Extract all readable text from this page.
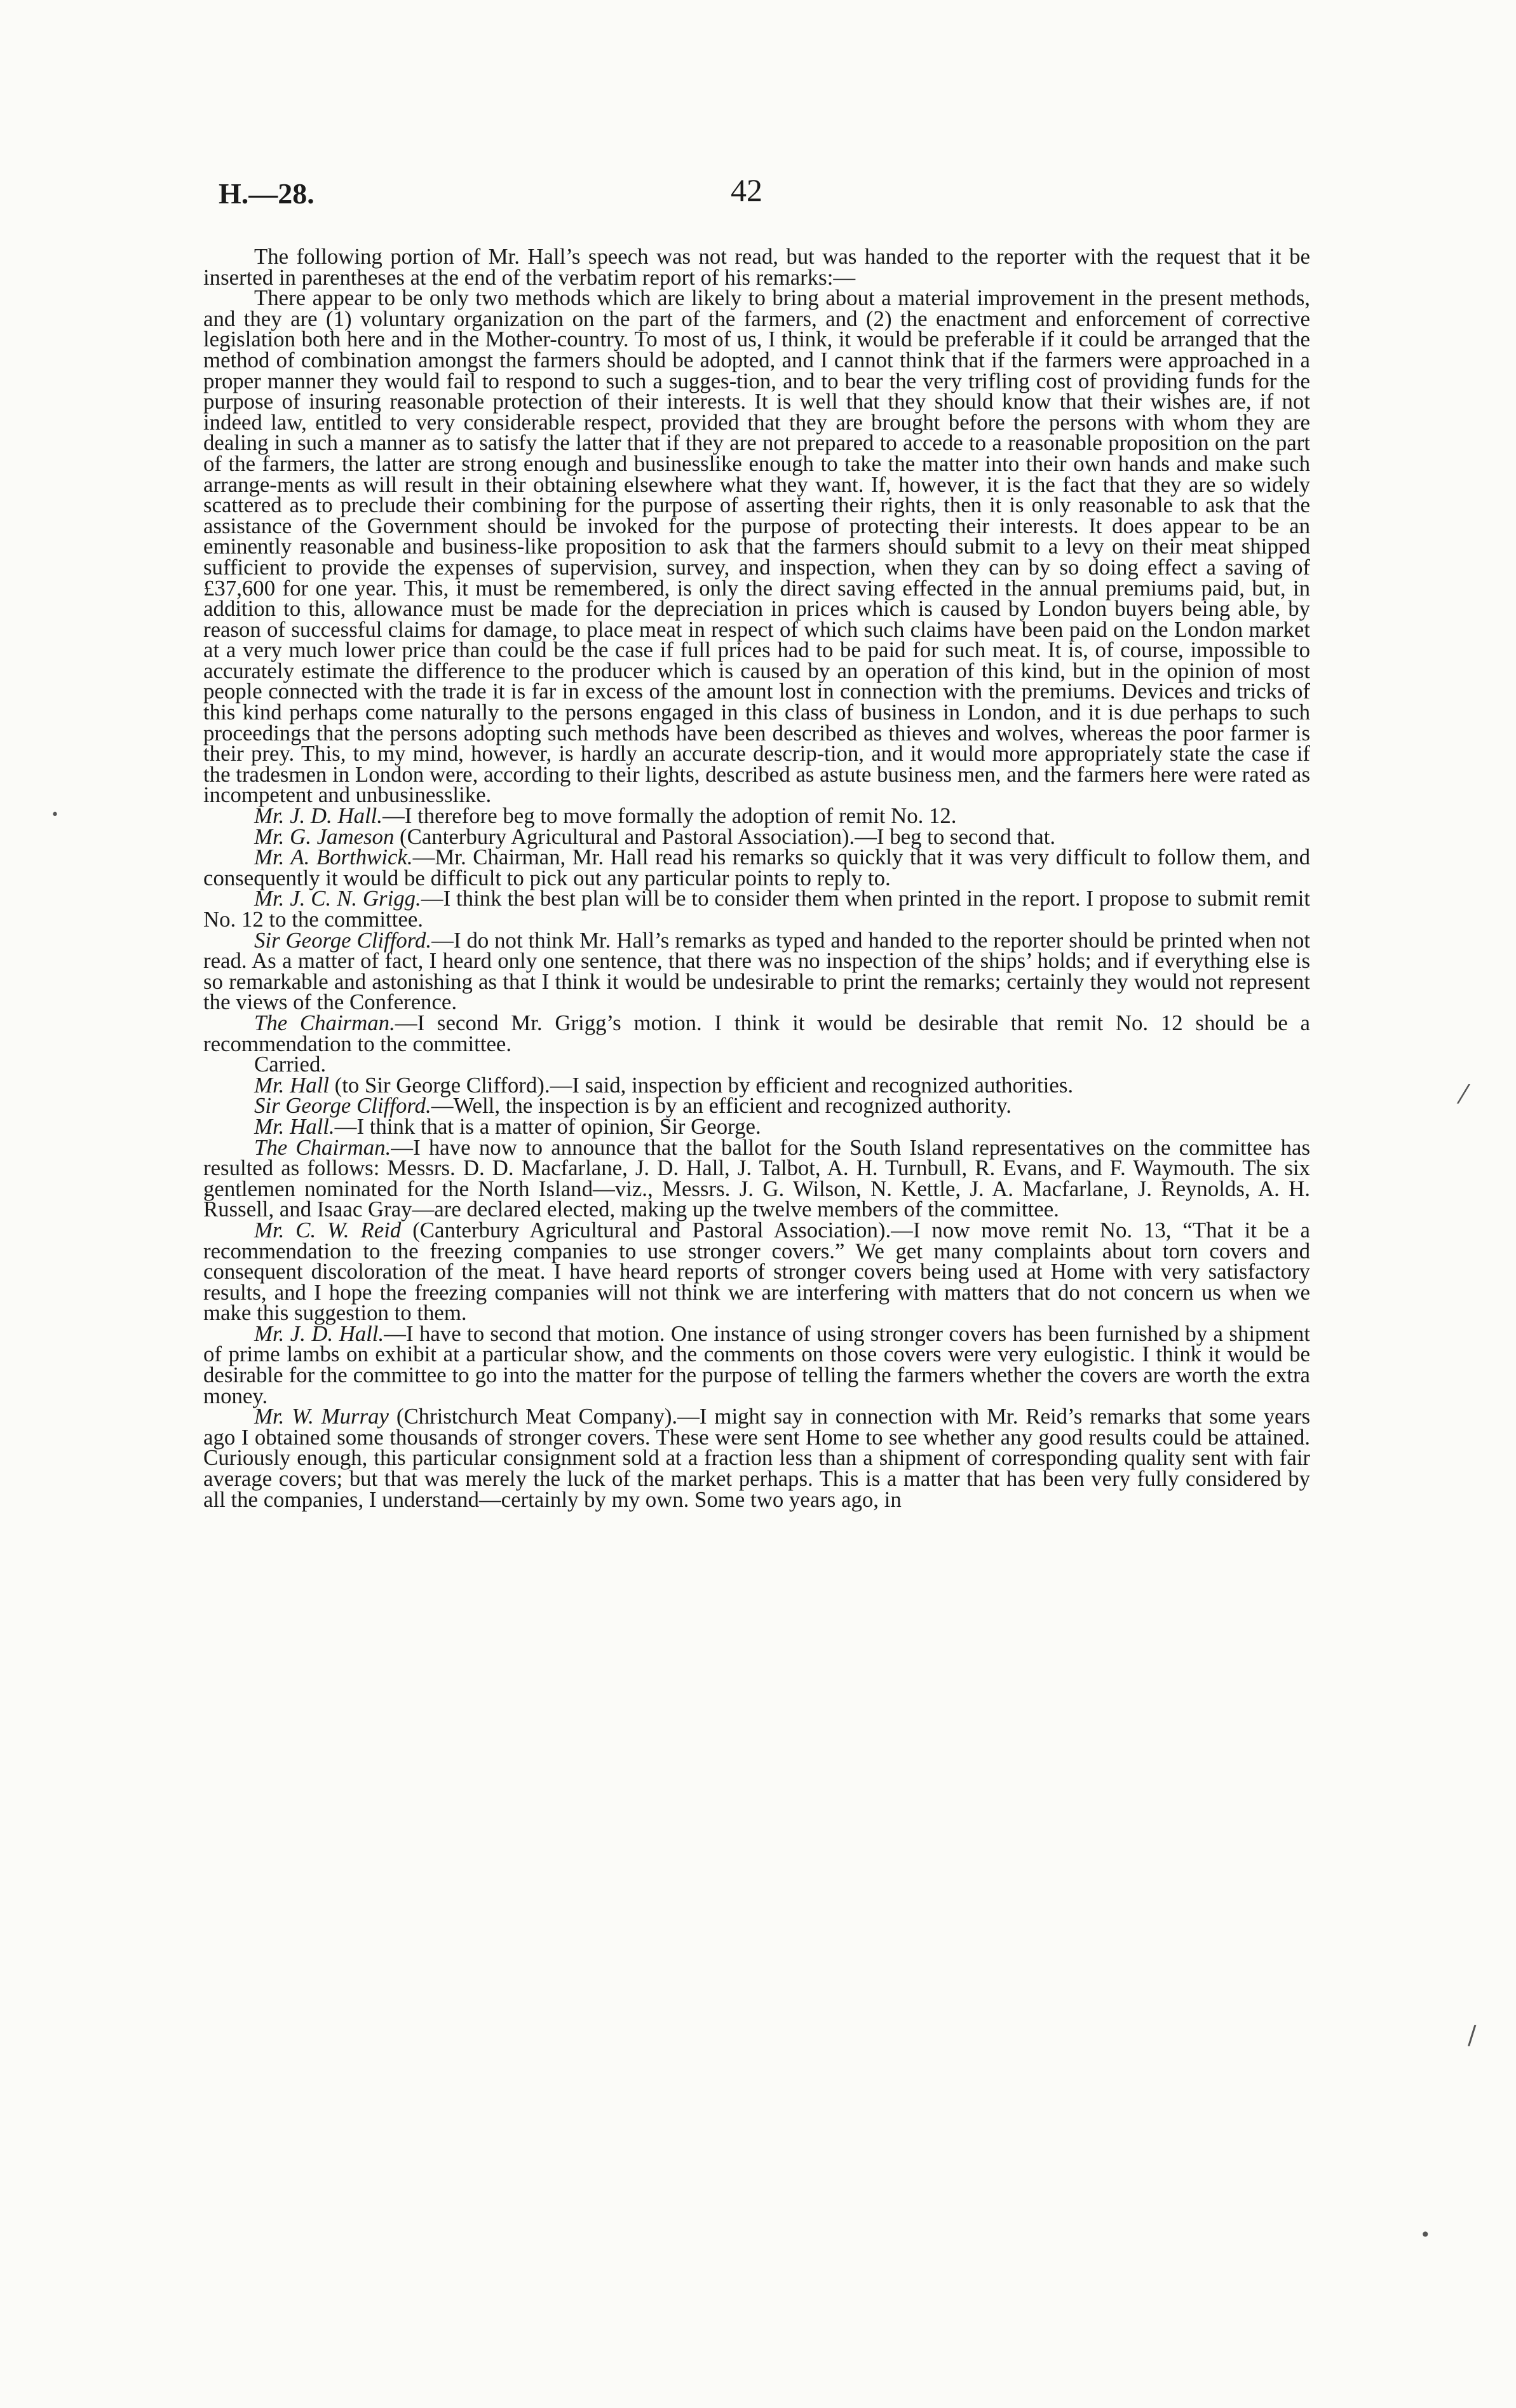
H.—28.	42

The following portion of Mr. Hall’s speech was not read, but was handed to the reporter with the request that it be inserted in parentheses at the end of the verbatim report of his remarks:—

There appear to be only two methods which are likely to bring about a material improvement in the present methods, and they are (1) voluntary organization on the part of the farmers, and (2) the enactment and enforcement of corrective legislation both here and in the Mother-country. To most of us, I think, it would be preferable if it could be arranged that the method of combination amongst the farmers should be adopted, and I cannot think that if the farmers were approached in a proper manner they would fail to respond to such a sugges-tion, and to bear the very trifling cost of providing funds for the purpose of insuring reasonable protection of their interests. It is well that they should know that their wishes are, if not indeed law, entitled to very considerable respect, provided that they are brought before the persons with whom they are dealing in such a manner as to satisfy the latter that if they are not prepared to accede to a reasonable proposition on the part of the farmers, the latter are strong enough and businesslike enough to take the matter into their own hands and make such arrange-ments as will result in their obtaining elsewhere what they want. If, however, it is the fact that they are so widely scattered as to preclude their combining for the purpose of asserting their rights, then it is only reasonable to ask that the assistance of the Government should be invoked for the purpose of protecting their interests. It does appear to be an eminently reasonable and business-like proposition to ask that the farmers should submit to a levy on their meat shipped sufficient to provide the expenses of supervision, survey, and inspection, when they can by so doing effect a saving of £37,600 for one year. This, it must be remembered, is only the direct saving effected in the annual premiums paid, but, in addition to this, allowance must be made for the depreciation in prices which is caused by London buyers being able, by reason of successful claims for damage, to place meat in respect of which such claims have been paid on the London market at a very much lower price than could be the case if full prices had to be paid for such meat. It is, of course, impossible to accurately estimate the difference to the producer which is caused by an operation of this kind, but in the opinion of most people connected with the trade it is far in excess of the amount lost in connection with the premiums. Devices and tricks of this kind perhaps come naturally to the persons engaged in this class of business in London, and it is due perhaps to such proceedings that the persons adopting such methods have been described as thieves and wolves, whereas the poor farmer is their prey. This, to my mind, however, is hardly an accurate descrip-tion, and it would more appropriately state the case if the tradesmen in London were, according to their lights, described as astute business men, and the farmers here were rated as incompetent and unbusinesslike.

Mr. J. D. Hall.—I therefore beg to move formally the adoption of remit No. 12.

Mr. G. Jameson (Canterbury Agricultural and Pastoral Association).—I beg to second that.

Mr. A. Borthwick.—Mr. Chairman, Mr. Hall read his remarks so quickly that it was very difficult to follow them, and consequently it would be difficult to pick out any particular points to reply to.

Mr. J. C. N. Grigg.—I think the best plan will be to consider them when printed in the report. I propose to submit remit No. 12 to the committee.

Sir George Clifford.—I do not think Mr. Hall’s remarks as typed and handed to the reporter should be printed when not read. As a matter of fact, I heard only one sentence, that there was no inspection of the ships’ holds; and if everything else is so remarkable and astonishing as that I think it would be undesirable to print the remarks; certainly they would not represent the views of the Conference.

The Chairman.—I second Mr. Grigg’s motion. I think it would be desirable that remit No. 12 should be a recommendation to the committee.

Carried.

Mr. Hall (to Sir George Clifford).—I said, inspection by efficient and recognized authorities.

Sir George Clifford.—Well, the inspection is by an efficient and recognized authority.

Mr. Hall.—I think that is a matter of opinion, Sir George.

The Chairman.—I have now to announce that the ballot for the South Island representatives on the committee has resulted as follows: Messrs. D. D. Macfarlane, J. D. Hall, J. Talbot, A. H. Turnbull, R. Evans, and F. Waymouth. The six gentlemen nominated for the North Island—viz., Messrs. J. G. Wilson, N. Kettle, J. A. Macfarlane, J. Reynolds, A. H. Russell, and Isaac Gray—are declared elected, making up the twelve members of the committee.

Mr. C. W. Reid (Canterbury Agricultural and Pastoral Association).—I now move remit No. 13, “That it be a recommendation to the freezing companies to use stronger covers.” We get many complaints about torn covers and consequent discoloration of the meat. I have heard reports of stronger covers being used at Home with very satisfactory results, and I hope the freezing companies will not think we are interfering with matters that do not concern us when we make this suggestion to them.

Mr. J. D. Hall.—I have to second that motion. One instance of using stronger covers has been furnished by a shipment of prime lambs on exhibit at a particular show, and the comments on those covers were very eulogistic. I think it would be desirable for the committee to go into the matter for the purpose of telling the farmers whether the covers are worth the extra money.

Mr. W. Murray (Christchurch Meat Company).—I might say in connection with Mr. Reid’s remarks that some years ago I obtained some thousands of stronger covers. These were sent Home to see whether any good results could be attained. Curiously enough, this particular consignment sold at a fraction less than a shipment of corresponding quality sent with fair average covers; but that was merely the luck of the market perhaps. This is a matter that has been very fully considered by all the companies, I understand—certainly by my own. Some two years ago, in

⁄
/
•
•
